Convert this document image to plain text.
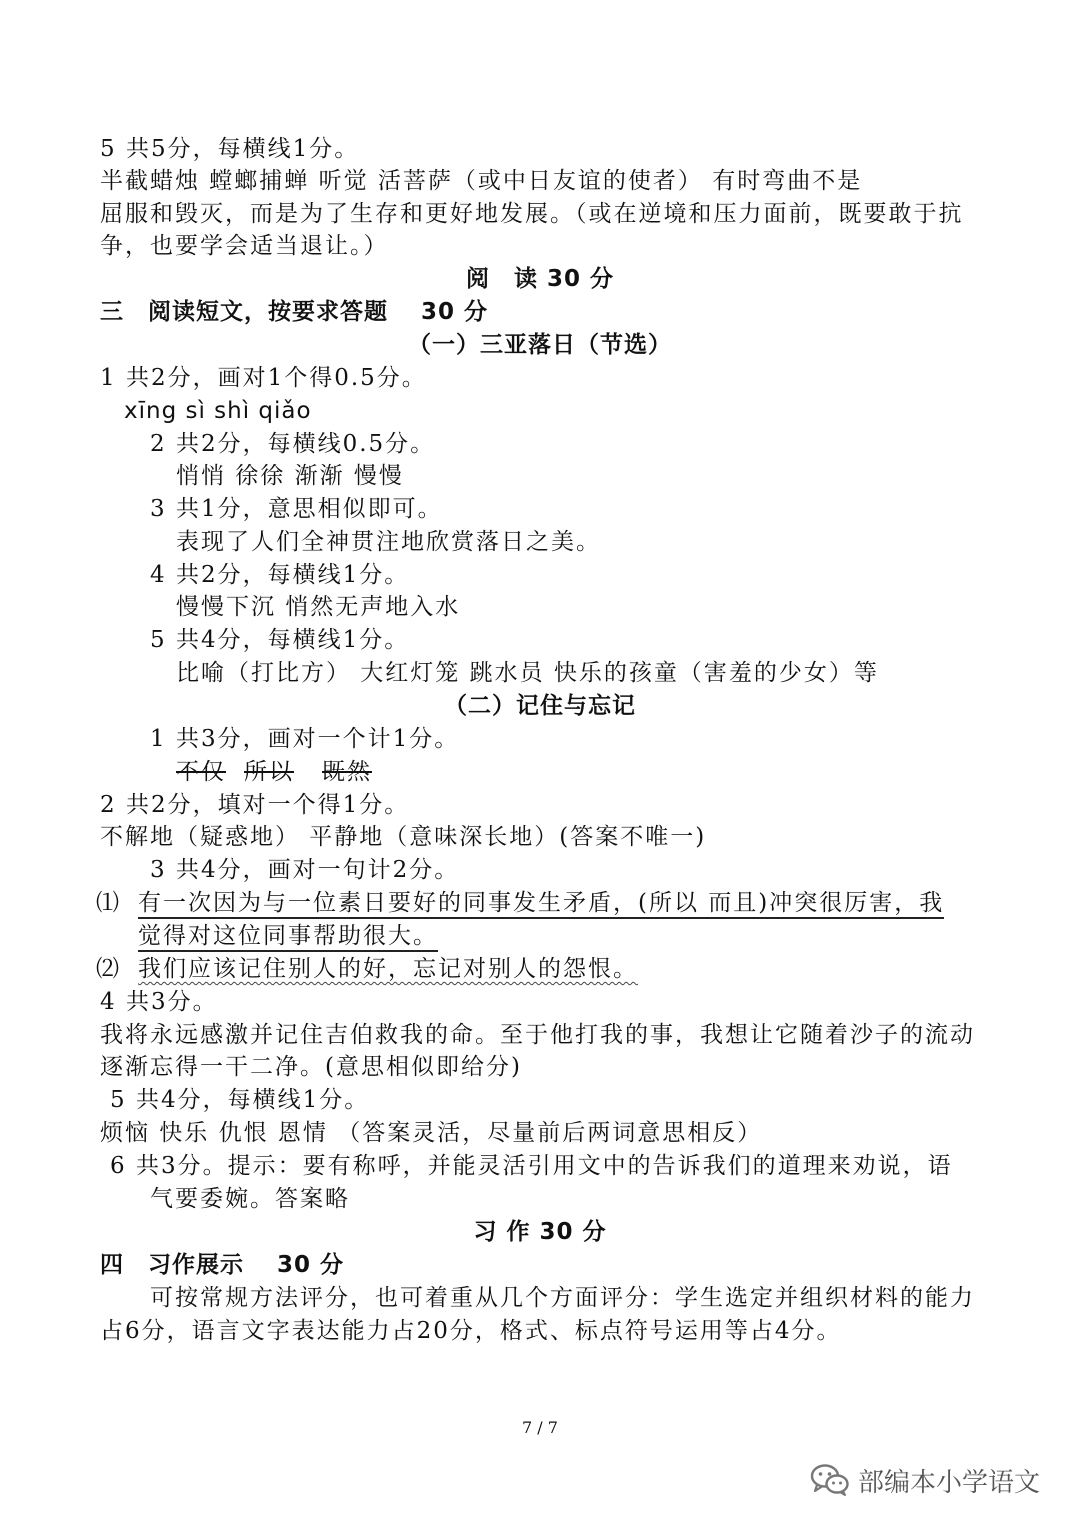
5 共5分，每横线1分。
半截蜡烛 螳螂捕蝉 听觉 活菩萨（或中日友谊的使者） 有时弯曲不是
屈服和毁灭，而是为了生存和更好地发展。（或在逆境和压力面前，既要敢于抗
争，也要学会适当退让。）
阅　读 30 分
三　阅读短文，按要求答题　 30 分
（一）三亚落日（节选）
1 共2分，画对1个得0.5分。
xīng sì shì qiǎo
2 共2分，每横线0.5分。
悄悄 徐徐 渐渐 慢慢
3 共1分，意思相似即可。
表现了人们全神贯注地欣赏落日之美。
4 共2分，每横线1分。
慢慢下沉 悄然无声地入水
5 共4分，每横线1分。
比喻（打比方） 大红灯笼 跳水员 快乐的孩童（害羞的少女）等
（二）记住与忘记
1 共3分，画对一个计1分。
不仅 所以 既然
2 共2分，填对一个得1分。
不解地（疑惑地） 平静地（意味深长地）(答案不唯一)
3 共4分，画对一句计2分。
⑴ 有一次因为与一位素日要好的同事发生矛盾，(所以 而且)冲突很厉害，我
觉得对这位同事帮助很大。
⑵ 我们应该记住别人的好，忘记对别人的怨恨。
4 共3分。
我将永远感激并记住吉伯救我的命。至于他打我的事，我想让它随着沙子的流动
逐渐忘得一干二净。(意思相似即给分)
5 共4分，每横线1分。
烦恼 快乐 仇恨 恩情 （答案灵活，尽量前后两词意思相反）
6 共3分。提示：要有称呼，并能灵活引用文中的告诉我们的道理来劝说，语
气要委婉。答案略
习 作 30 分
四　习作展示　 30 分
　　可按常规方法评分，也可着重从几个方面评分：学生选定并组织材料的能力
占6分，语言文字表达能力占20分，格式、标点符号运用等占4分。
7 / 7
部编本小学语文
